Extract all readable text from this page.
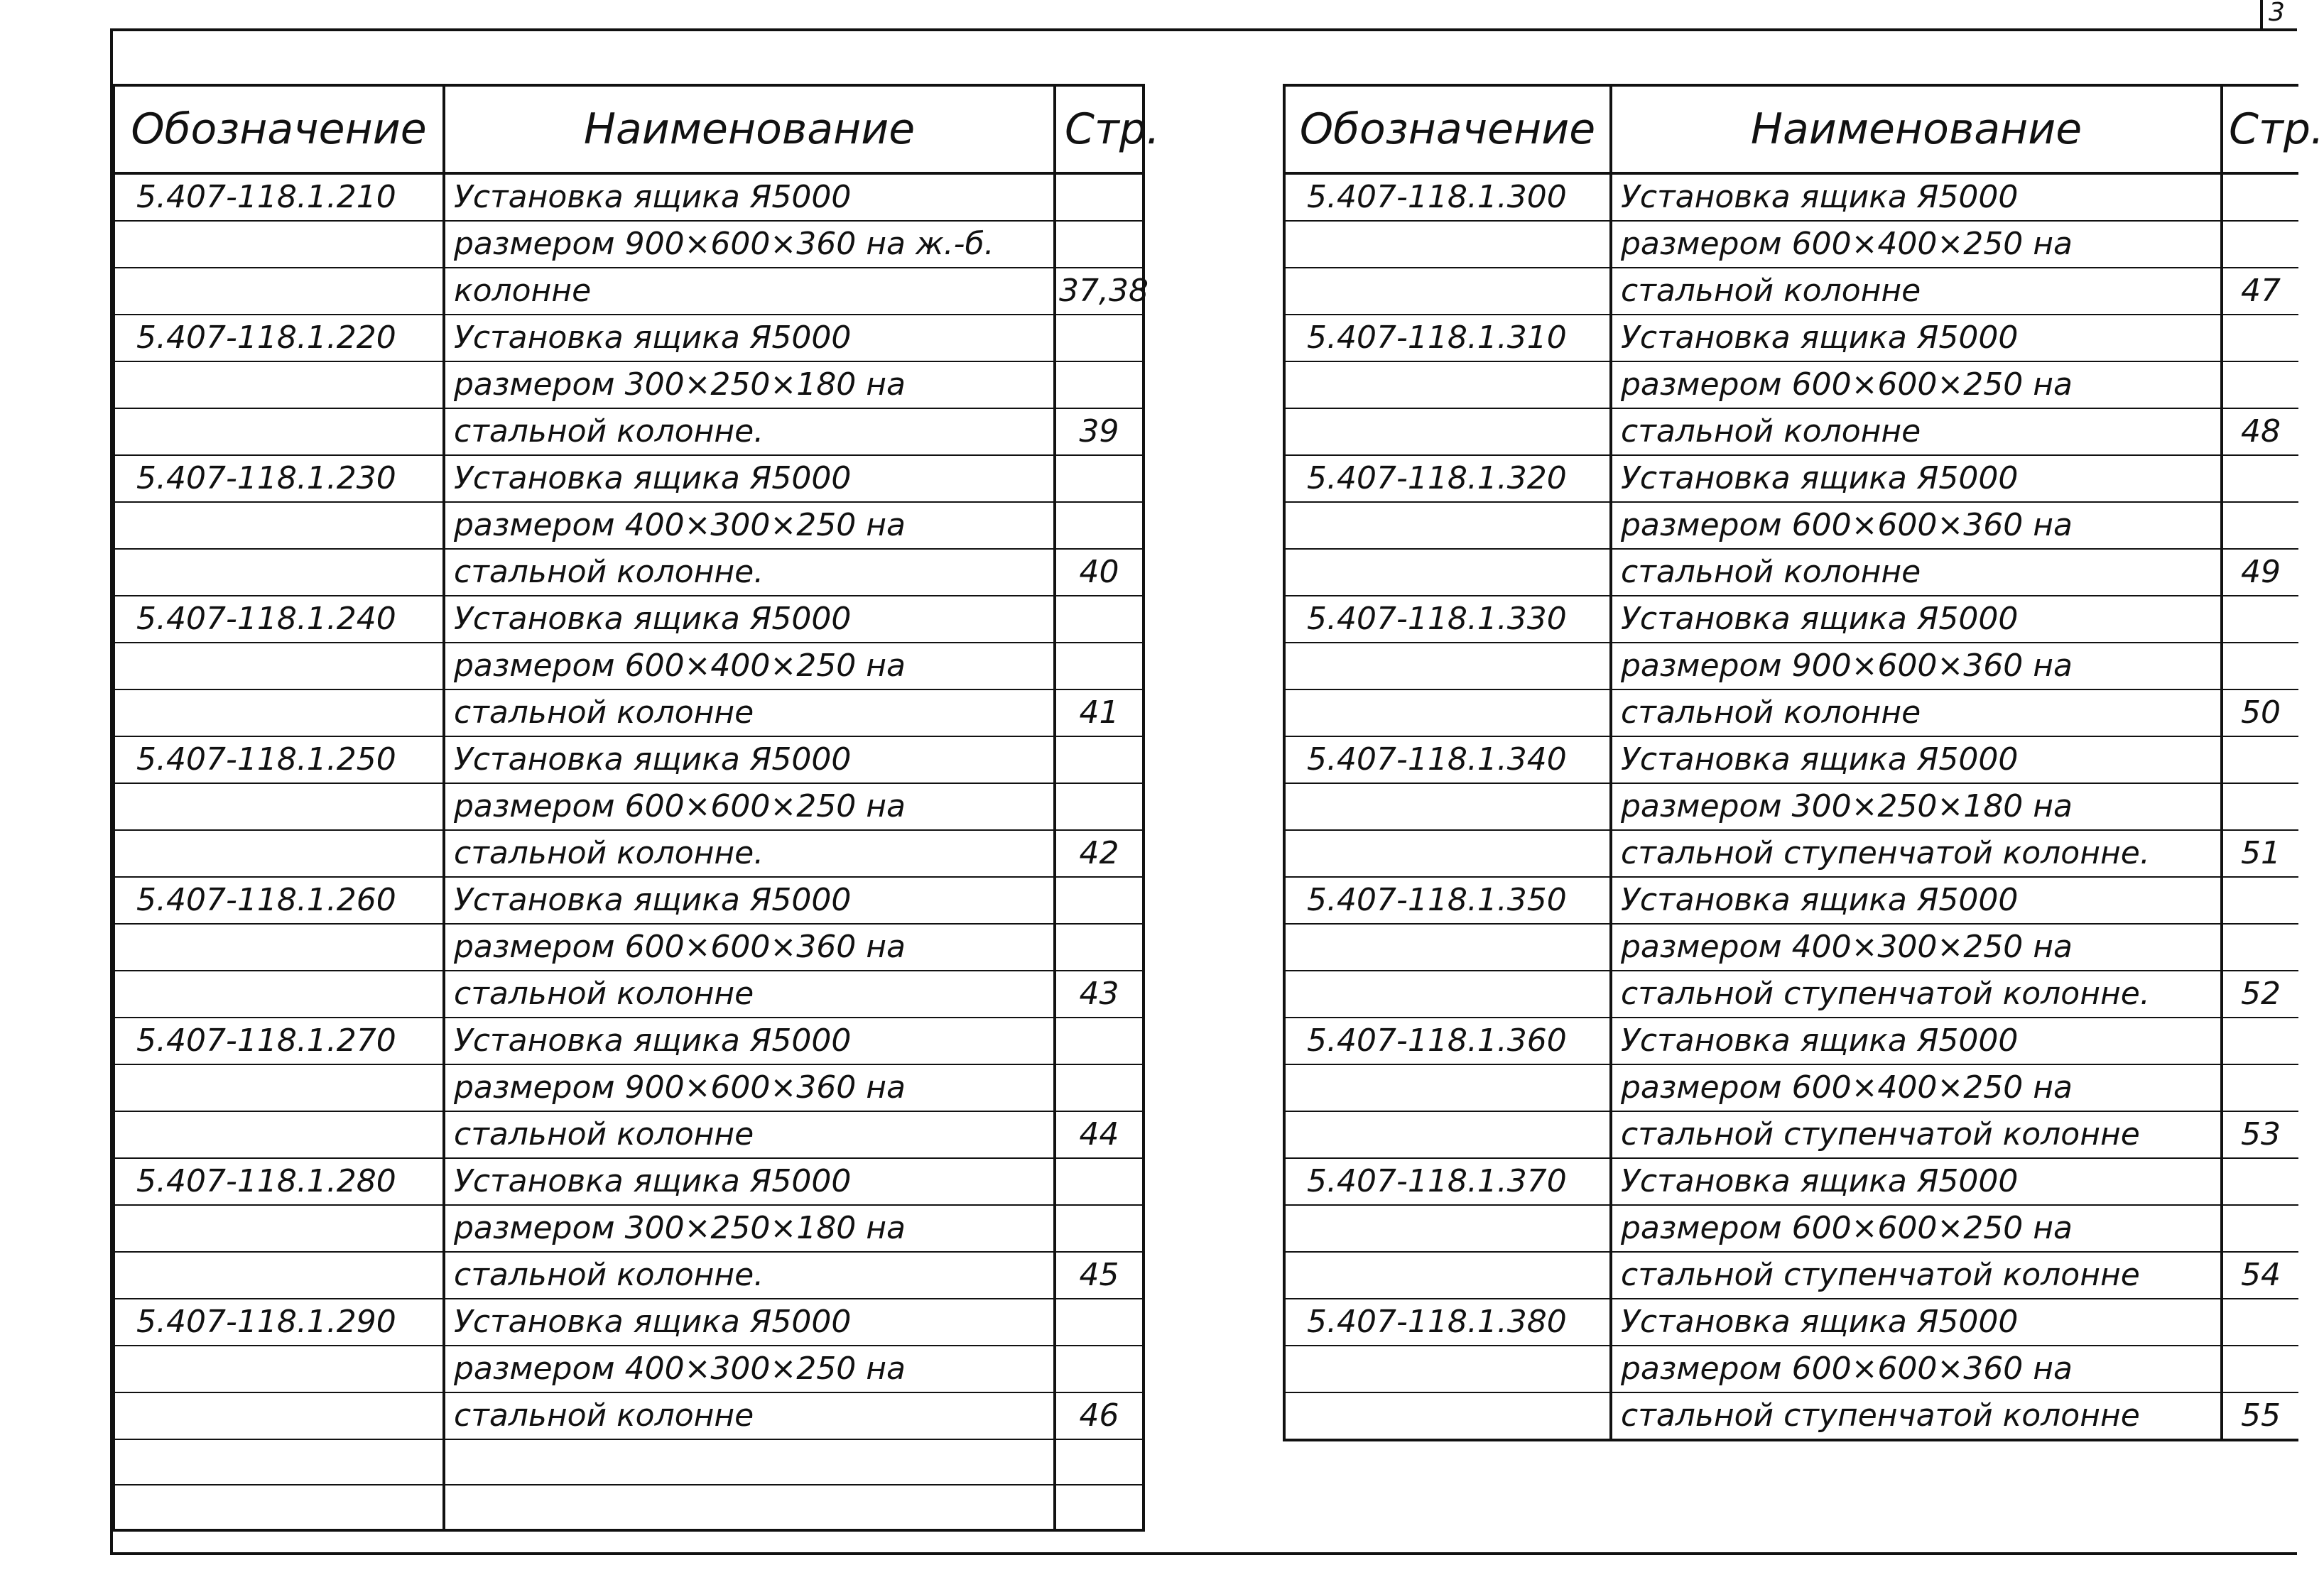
3
Обозначение	Наименование	Стр.
5.407-118.1.210	Установка ящика Я5000	
	размером 900×600×360 на ж.-б.	
	колонне	37,38
5.407-118.1.220	Установка ящика Я5000	
	размером 300×250×180 на	
	стальной колонне.	39
5.407-118.1.230	Установка ящика Я5000	
	размером 400×300×250 на	
	стальной колонне.	40
5.407-118.1.240	Установка ящика Я5000	
	размером 600×400×250 на	
	стальной колонне	41
5.407-118.1.250	Установка ящика Я5000	
	размером 600×600×250 на	
	стальной колонне.	42
5.407-118.1.260	Установка ящика Я5000	
	размером 600×600×360 на	
	стальной колонне	43
5.407-118.1.270	Установка ящика Я5000	
	размером 900×600×360 на	
	стальной колонне	44
5.407-118.1.280	Установка ящика Я5000	
	размером 300×250×180 на	
	стальной колонне.	45
5.407-118.1.290	Установка ящика Я5000	
	размером 400×300×250 на	
	стальной колонне	46

Обозначение	Наименование	Стр.
5.407-118.1.300	Установка ящика Я5000	
	размером 600×400×250 на	
	стальной колонне	47
5.407-118.1.310	Установка ящика Я5000	
	размером 600×600×250 на	
	стальной колонне	48
5.407-118.1.320	Установка ящика Я5000	
	размером 600×600×360 на	
	стальной колонне	49
5.407-118.1.330	Установка ящика Я5000	
	размером 900×600×360 на	
	стальной колонне	50
5.407-118.1.340	Установка ящика Я5000	
	размером 300×250×180 на	
	стальной ступенчатой колонне.	51
5.407-118.1.350	Установка ящика Я5000	
	размером 400×300×250 на	
	стальной ступенчатой колонне.	52
5.407-118.1.360	Установка ящика Я5000	
	размером 600×400×250 на	
	стальной ступенчатой колонне	53
5.407-118.1.370	Установка ящика Я5000	
	размером 600×600×250 на	
	стальной ступенчатой колонне	54
5.407-118.1.380	Установка ящика Я5000	
	размером 600×600×360 на	
	стальной ступенчатой колонне	55
